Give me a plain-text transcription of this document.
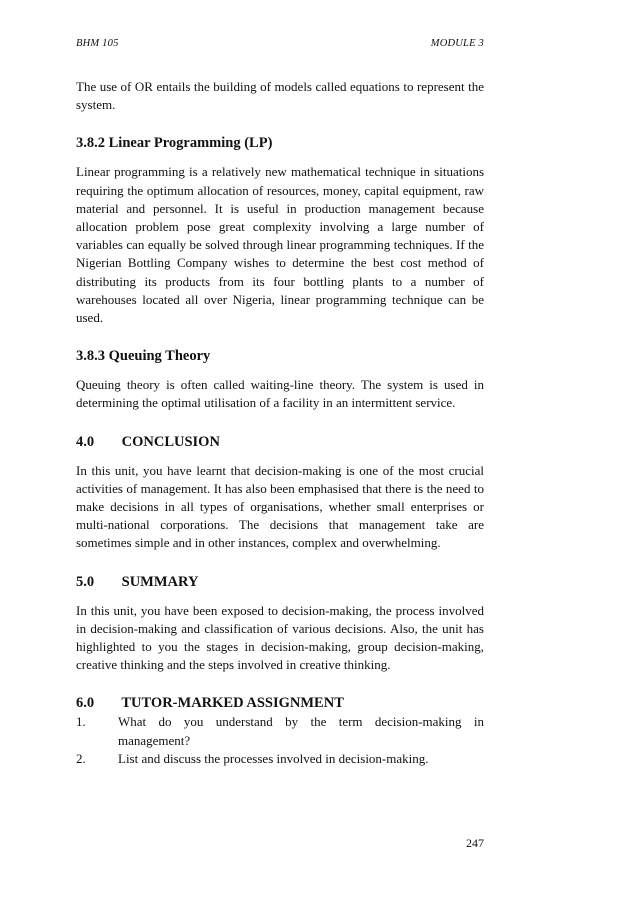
BHM 105	MODULE 3

The use of OR entails the building of models called equations to represent the system.

3.8.2 Linear Programming (LP)

Linear programming is a relatively new mathematical technique in situations requiring the optimum allocation of resources, money, capital equipment, raw material and personnel. It is useful in production management because allocation problem pose great complexity involving a large number of variables can equally be solved through linear programming techniques. If the Nigerian Bottling Company wishes to determine the best cost method of distributing its products from its four bottling plants to a number of warehouses located all over Nigeria, linear programming technique can be used.

3.8.3 Queuing Theory

Queuing theory is often called waiting-line theory. The system is used in determining the optimal utilisation of a facility in an intermittent service.

4.0 CONCLUSION

In this unit, you have learnt that decision-making is one of the most crucial activities of management. It has also been emphasised that there is the need to make decisions in all types of organisations, whether small enterprises or multi-national corporations. The decisions that management take are sometimes simple and in other instances, complex and overwhelming.

5.0 SUMMARY

In this unit, you have been exposed to decision-making, the process involved in decision-making and classification of various decisions. Also, the unit has highlighted to you the stages in decision-making, group decision-making, creative thinking and the steps involved in creative thinking.

6.0 TUTOR-MARKED ASSIGNMENT
1. What do you understand by the term decision-making in management?
2. List and discuss the processes involved in decision-making.
247
